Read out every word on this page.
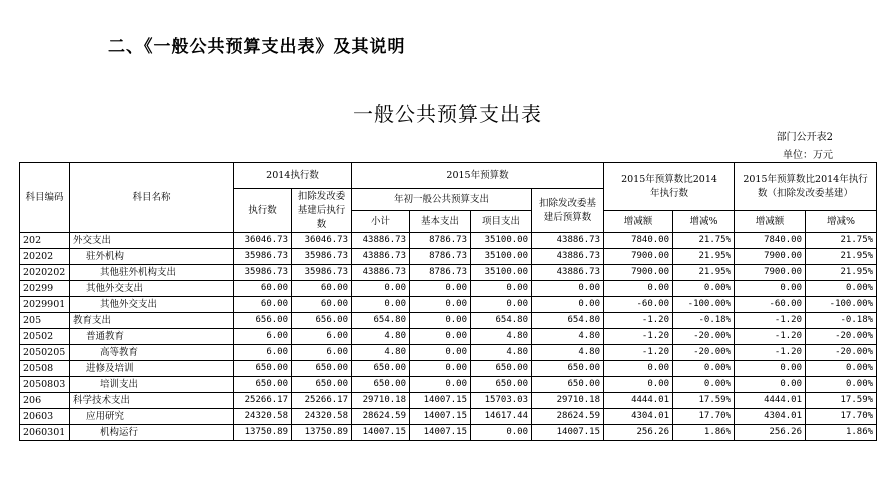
二、《一般公共预算支出表》及其说明
一般公共预算支出表
部门公开表2
单位：万元
科目编码	科目名称	2014执行数		2015年预算数				2015年预算数比2014年执行数		2015年预算数比2014年执行数（扣除发改委基建）	
		执行数	扣除发改委基建后执行数	年初一般公共预算支出			扣除发改委基建后预算数				
				小计	基本支出	项目支出		增减额	增减%	增减额	增减%
202	外交支出	36046.73	36046.73	43886.73	8786.73	35100.00	43886.73	7840.00	21.75%	7840.00	21.75%
20202	驻外机构	35986.73	35986.73	43886.73	8786.73	35100.00	43886.73	7900.00	21.95%	7900.00	21.95%
2020202	其他驻外机构支出	35986.73	35986.73	43886.73	8786.73	35100.00	43886.73	7900.00	21.95%	7900.00	21.95%
20299	其他外交支出	60.00	60.00	0.00	0.00	0.00	0.00	0.00	0.00%	0.00	0.00%
2029901	其他外交支出	60.00	60.00	0.00	0.00	0.00	0.00	-60.00	-100.00%	-60.00	-100.00%
205	教育支出	656.00	656.00	654.80	0.00	654.80	654.80	-1.20	-0.18%	-1.20	-0.18%
20502	普通教育	6.00	6.00	4.80	0.00	4.80	4.80	-1.20	-20.00%	-1.20	-20.00%
2050205	高等教育	6.00	6.00	4.80	0.00	4.80	4.80	-1.20	-20.00%	-1.20	-20.00%
20508	进修及培训	650.00	650.00	650.00	0.00	650.00	650.00	0.00	0.00%	0.00	0.00%
2050803	培训支出	650.00	650.00	650.00	0.00	650.00	650.00	0.00	0.00%	0.00	0.00%
206	科学技术支出	25266.17	25266.17	29710.18	14007.15	15703.03	29710.18	4444.01	17.59%	4444.01	17.59%
20603	应用研究	24320.58	24320.58	28624.59	14007.15	14617.44	28624.59	4304.01	17.70%	4304.01	17.70%
2060301	机构运行	13750.89	13750.89	14007.15	14007.15	0.00	14007.15	256.26	1.86%	256.26	1.86%
